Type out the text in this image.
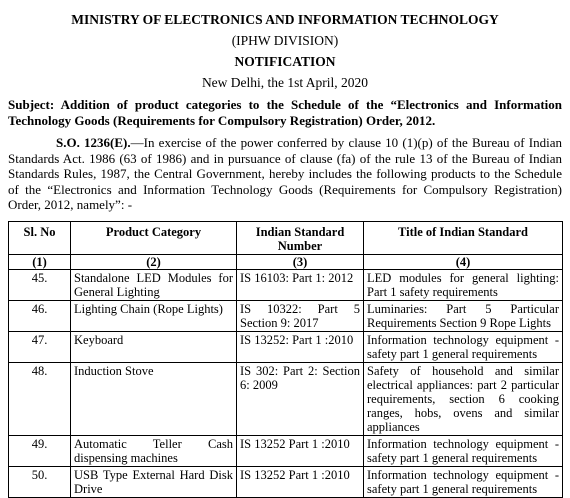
MINISTRY OF ELECTRONICS AND INFORMATION TECHNOLOGY
(IPHW DIVISION)
NOTIFICATION
New Delhi, the 1st April, 2020
Subject: Addition of product categories to the Schedule of the “Electronics and Information Technology Goods (Requirements for Compulsory Registration) Order, 2012.
S.O. 1236(E).—In exercise of the power conferred by clause 10 (1)(p) of the Bureau of Indian Standards Act. 1986 (63 of 1986) and in pursuance of clause (fa) of the rule 13 of the Bureau of Indian Standards Rules, 1987, the Central Government, hereby includes the following products to the Schedule of the “Electronics and Information Technology Goods (Requirements for Compulsory Registration) Order, 2012, namely”: -
Sl. No	Product Category	Indian Standard Number	Title of Indian Standard
(1)	(2)	(3)	(4)
45.	Standalone LED Modules for General Lighting	IS 16103: Part 1: 2012	LED modules for general lighting: Part 1 safety requirements
46.	Lighting Chain (Rope Lights)	IS 10322: Part 5 Section 9: 2017	Luminaries: Part 5 Particular Requirements Section 9 Rope Lights
47.	Keyboard	IS 13252: Part 1 :2010	Information technology equipment - safety part 1 general requirements
48.	Induction Stove	IS 302: Part 2: Section 6: 2009	Safety of household and similar electrical appliances: part 2 particular requirements, section 6 cooking ranges, hobs, ovens and similar appliances
49.	Automatic Teller Cash dispensing machines	IS 13252 Part 1 :2010	Information technology equipment - safety part 1 general requirements
50.	USB Type External Hard Disk Drive	IS 13252 Part 1 :2010	Information technology equipment - safety part 1 general requirements
